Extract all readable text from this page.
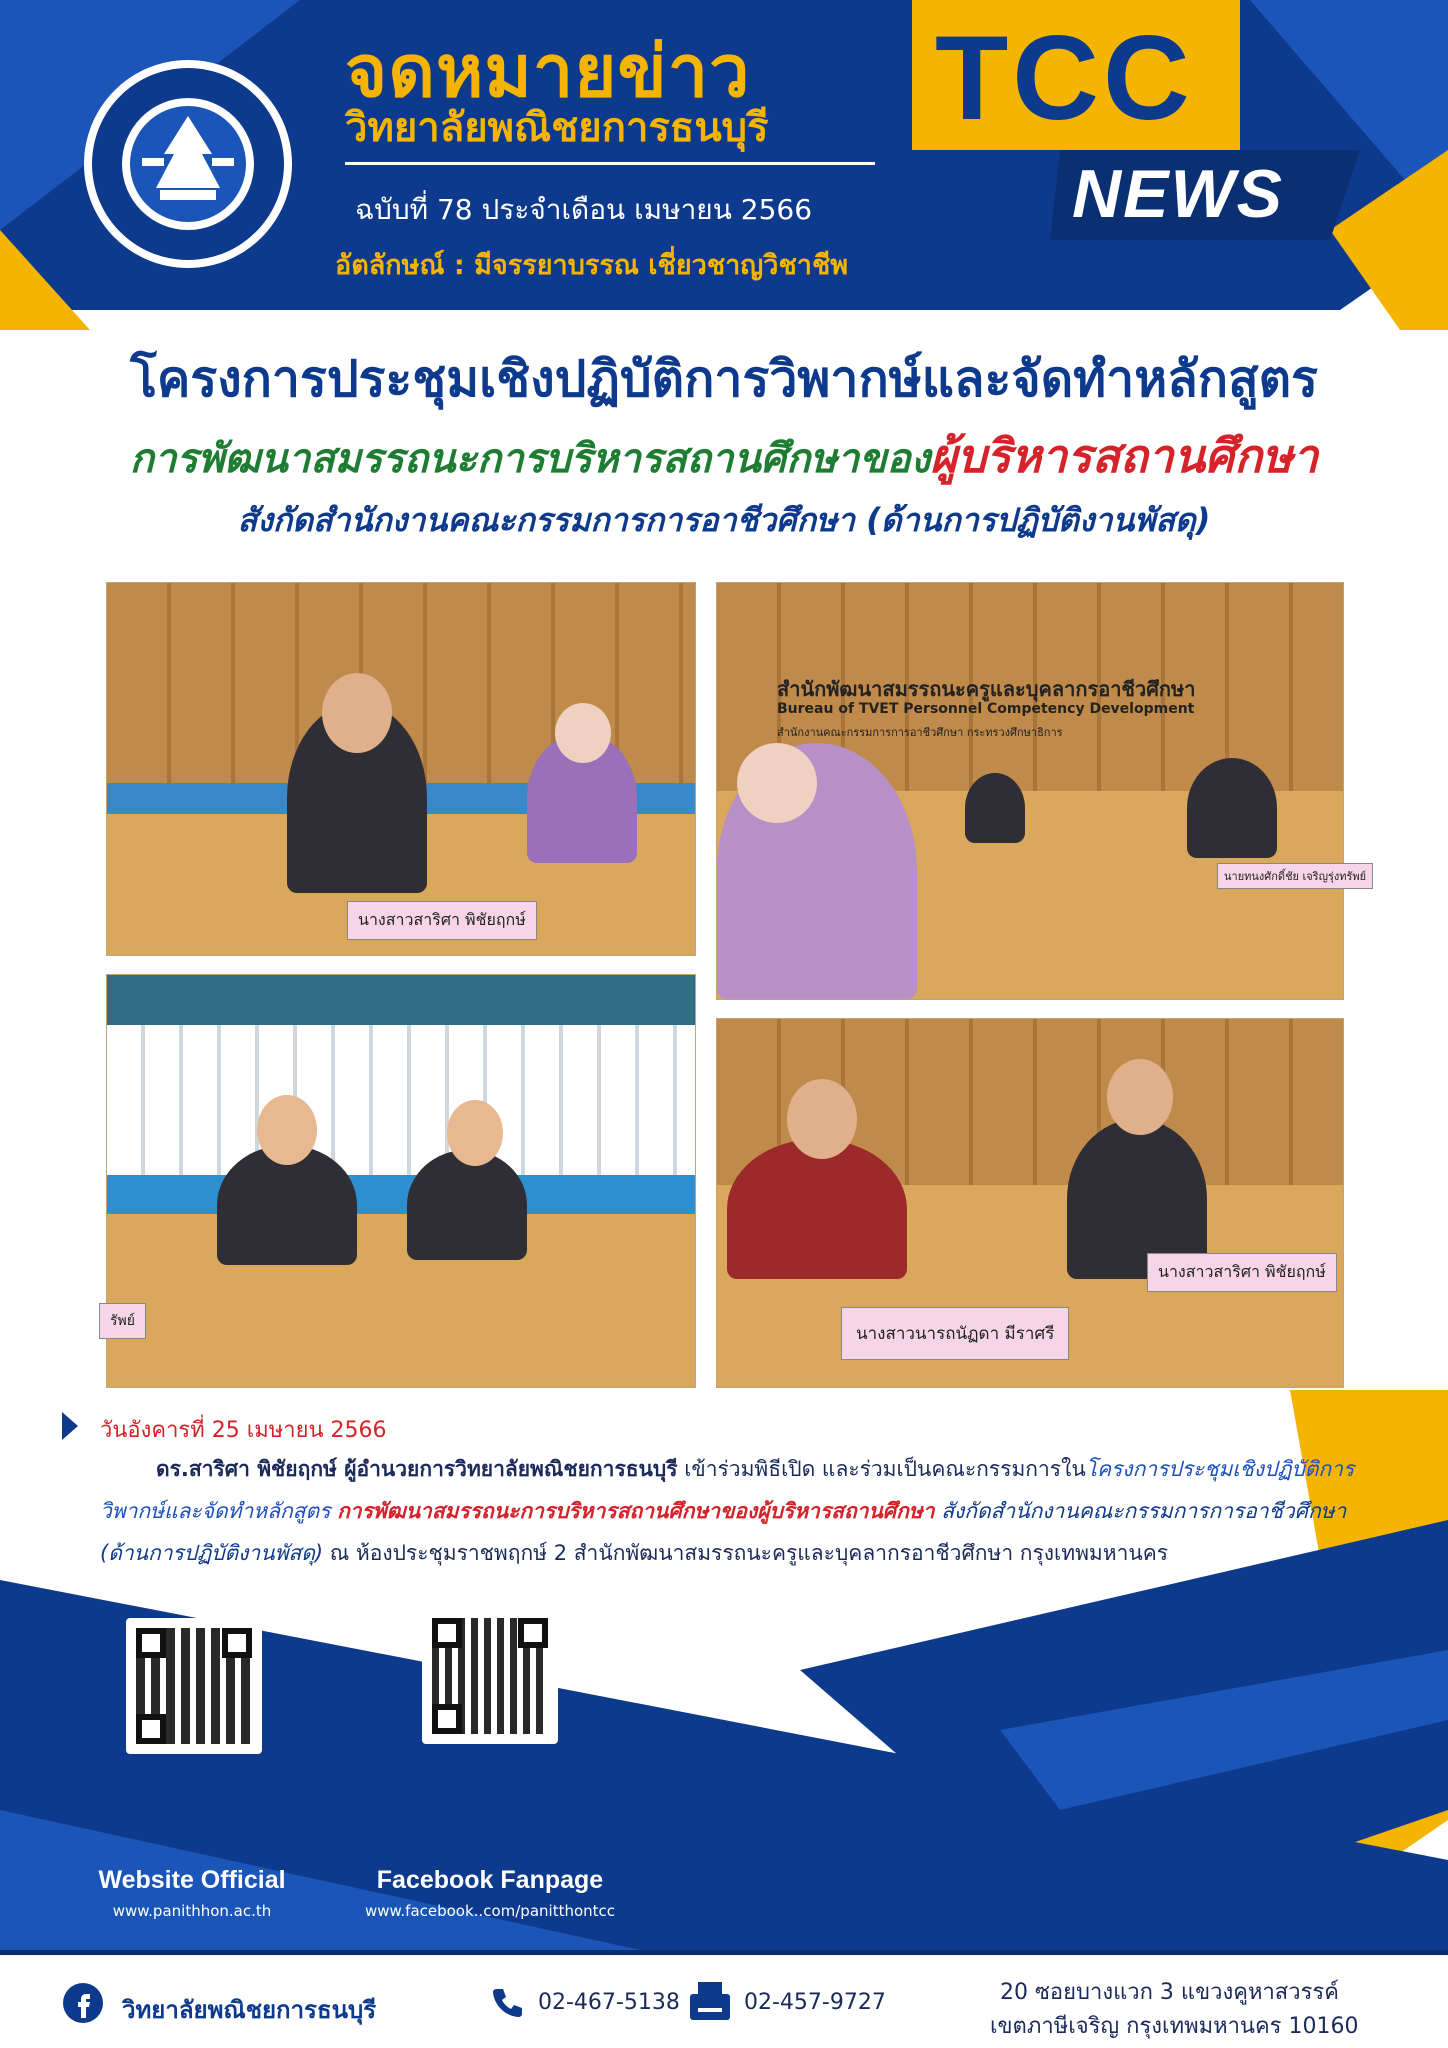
จดหมายข่าว
วิทยาลัยพณิชยการธนบุรี
ฉบับที่ 78 ประจำเดือน เมษายน 2566
อัตลักษณ์ : มีจรรยาบรรณ เชี่ยวชาญวิชาชีพ
TCC
NEWS
โครงการประชุมเชิงปฏิบัติการวิพากษ์และจัดทำหลักสูตร
การพัฒนาสมรรถนะการบริหารสถานศึกษาของผู้บริหารสถานศึกษา
สังกัดสำนักงานคณะกรรมการการอาชีวศึกษา (ด้านการปฏิบัติงานพัสดุ)
นางสาวสาริศา พิชัยฤกษ์
สำนักพัฒนาสมรรถนะครูและบุคลากรอาชีวศึกษา
Bureau of TVET Personnel Competency Development
สำนักงานคณะกรรมการการอาชีวศึกษา กระทรวงศึกษาธิการ
นายทนงศักดิ์ชัย เจริญรุ่งทรัพย์
รัพย์
นางสาวนารถนัฏดา มีราศรี
นางสาวสาริศา พิชัยฤกษ์
วันอังคารที่ 25 เมษายน 2566
ดร.สาริศา พิชัยฤกษ์ ผู้อำนวยการวิทยาลัยพณิชยการธนบุรี เข้าร่วมพิธีเปิด และร่วมเป็นคณะกรรมการในโครงการประชุมเชิงปฏิบัติการวิพากษ์และจัดทำหลักสูตร การพัฒนาสมรรถนะการบริหารสถานศึกษาของผู้บริหารสถานศึกษา สังกัดสำนักงานคณะกรรมการการอาชีวศึกษา (ด้านการปฏิบัติงานพัสดุ) ณ ห้องประชุมราชพฤกษ์ 2 สำนักพัฒนาสมรรถนะครูและบุคลากรอาชีวศึกษา กรุงเทพมหานคร
Website Official
www.panithhon.ac.th
Facebook Fanpage
www.facebook..com/panitthontcc
วิทยาลัยพณิชยการธนบุรี	02-467-5138	02-457-9727	20 ซอยบางแวก 3 แขวงคูหาสวรรค์
เขตภาษีเจริญ กรุงเทพมหานคร 10160
